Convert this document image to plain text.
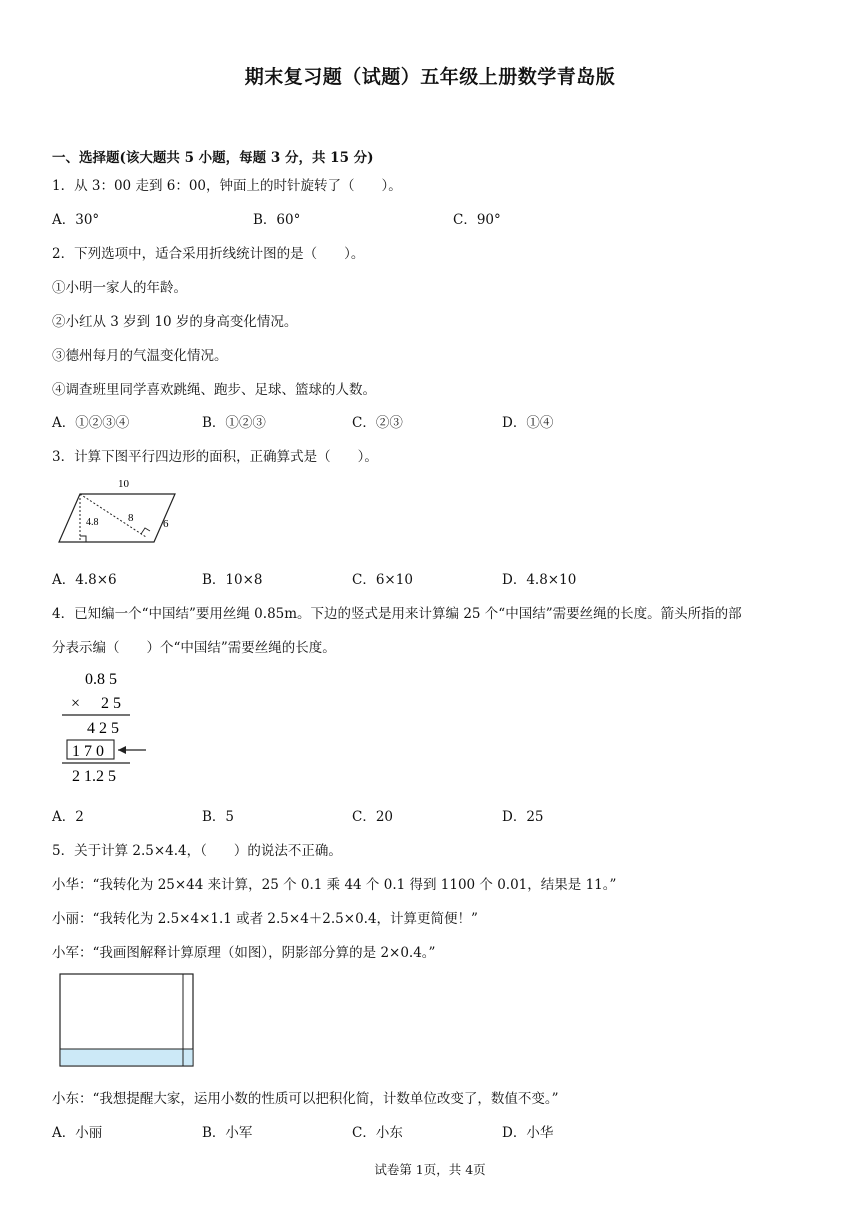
期末复习题（试题）五年级上册数学青岛版
一、选择题(该大题共 5 小题，每题 3 分，共 15 分)
1．从 3：00 走到 6：00，钟面上的时针旋转了（　　）。
A．30°	B．60°	C．90°
2．下列选项中，适合采用折线统计图的是（　　）。
①小明一家人的年龄。
②小红从 3 岁到 10 岁的身高变化情况。
③德州每月的气温变化情况。
④调查班里同学喜欢跳绳、跑步、足球、篮球的人数。
A．①②③④	B．①②③	C．②③	D．①④
3．计算下图平行四边形的面积，正确算式是（　　）。
10
8	6
4.8
A．4.8×6	B．10×8	C．6×10	D．4.8×10
4．已知编一个“中国结”要用丝绳 0.85m。下边的竖式是用来计算编 25 个“中国结”需要丝绳的长度。箭头所指的部
分表示编（　　）个“中国结”需要丝绳的长度。
0.8 5
× 2 5
4 2 5
1 7 0
2 1.2 5
A．2	B．5	C．20	D．25
5．关于计算 2.5×4.4，（　　）的说法不正确。
小华：“我转化为 25×44 来计算，25 个 0.1 乘 44 个 0.1 得到 1100 个 0.01，结果是 11。”
小丽：“我转化为 2.5×4×1.1 或者 2.5×4＋2.5×0.4，计算更简便！”
小军：“我画图解释计算原理（如图），阴影部分算的是 2×0.4。”
小东：“我想提醒大家，运用小数的性质可以把积化简，计数单位改变了，数值不变。”
A．小丽	B．小军	C．小东	D．小华
试卷第 1页，共 4页
